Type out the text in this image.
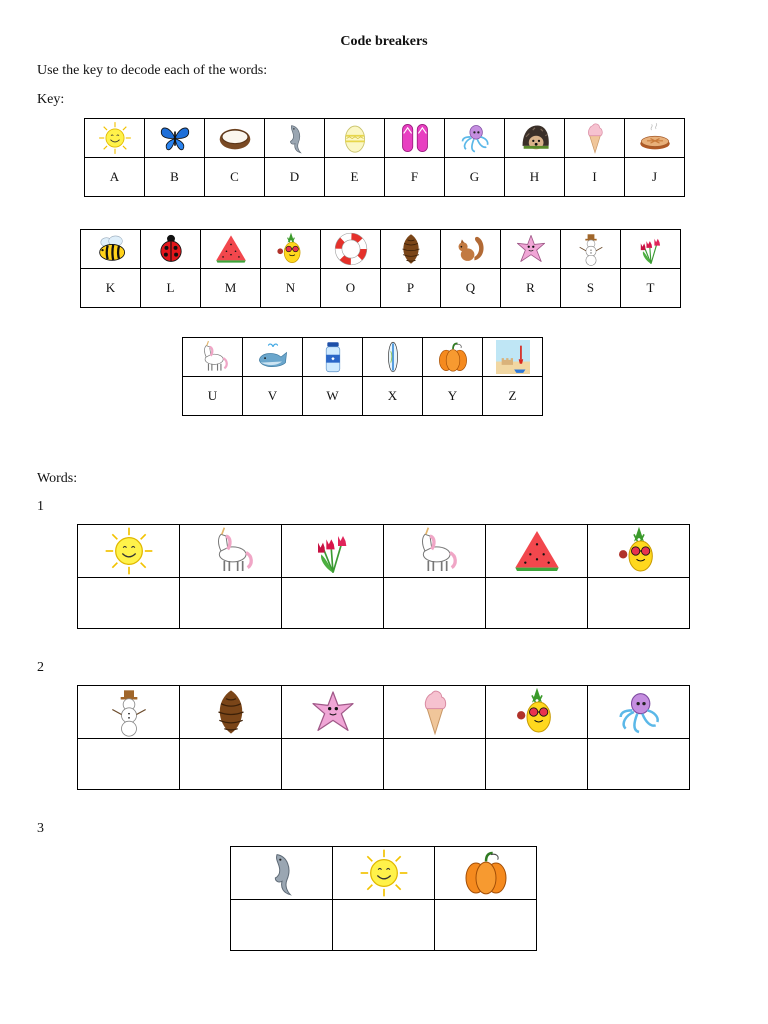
Code breakers
Use the key to decode each of the words:
Key:

A	B	C	D	E	F	G	H	I	J

K	L	M	N	O	P	Q	R	S	T

U	V	W	X	Y	Z
Words:
1

2

3
